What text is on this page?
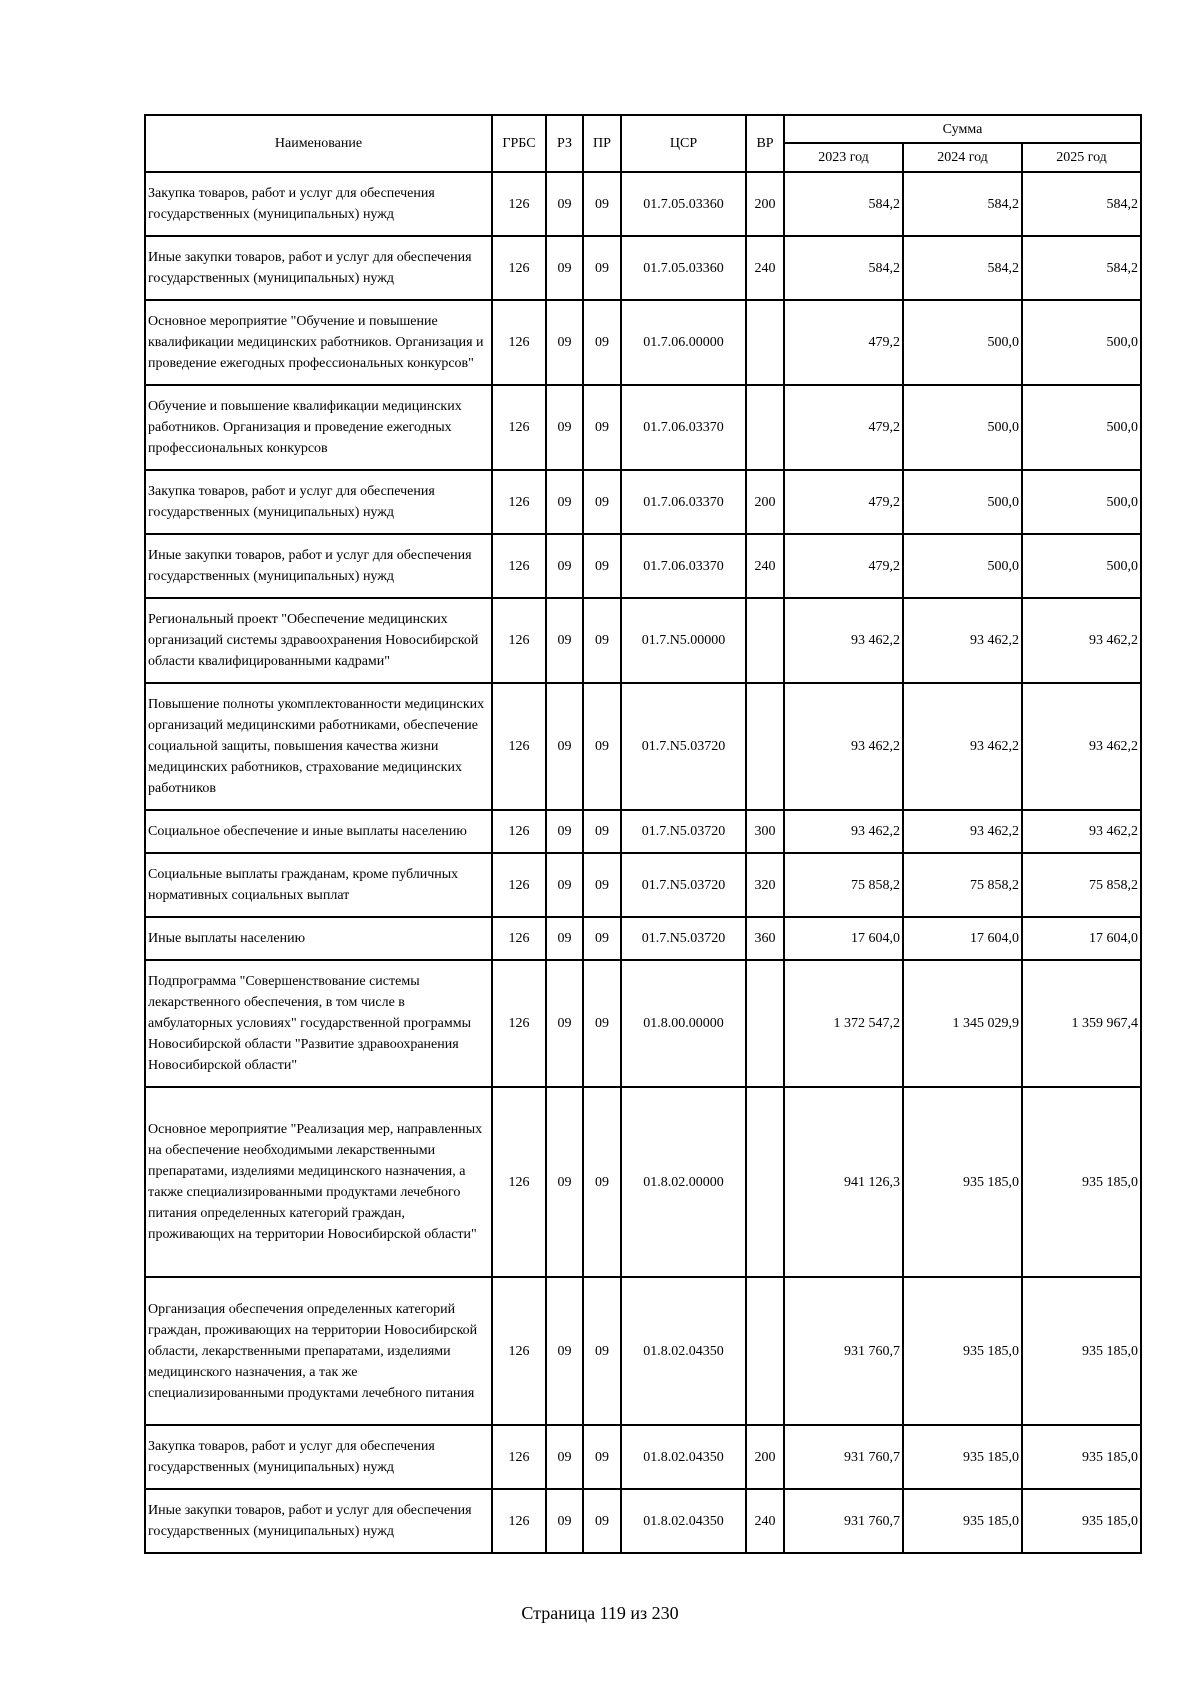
Наименование	ГРБС	РЗ	ПР	ЦСР	ВР	Сумма		
						2023 год	2024 год	2025 год
Закупка товаров, работ и услуг для обеспечения государственных (муниципальных) нужд	126	09	09	01.7.05.03360	200	584,2	584,2	584,2
Иные закупки товаров, работ и услуг для обеспечения государственных (муниципальных) нужд	126	09	09	01.7.05.03360	240	584,2	584,2	584,2
Основное мероприятие "Обучение и повышение квалификации медицинских работников. Организация и проведение ежегодных профессиональных конкурсов"	126	09	09	01.7.06.00000		479,2	500,0	500,0
Обучение и повышение квалификации медицинских работников. Организация и проведение ежегодных профессиональных конкурсов	126	09	09	01.7.06.03370		479,2	500,0	500,0
Закупка товаров, работ и услуг для обеспечения государственных (муниципальных) нужд	126	09	09	01.7.06.03370	200	479,2	500,0	500,0
Иные закупки товаров, работ и услуг для обеспечения государственных (муниципальных) нужд	126	09	09	01.7.06.03370	240	479,2	500,0	500,0
Региональный проект "Обеспечение медицинских организаций системы здравоохранения Новосибирской области квалифицированными кадрами"	126	09	09	01.7.N5.00000		93 462,2	93 462,2	93 462,2
Повышение полноты укомплектованности медицинских организаций медицинскими работниками, обеспечение социальной защиты, повышения качества жизни медицинских работников, страхование медицинских работников	126	09	09	01.7.N5.03720		93 462,2	93 462,2	93 462,2
Социальное обеспечение и иные выплаты населению	126	09	09	01.7.N5.03720	300	93 462,2	93 462,2	93 462,2
Социальные выплаты гражданам, кроме публичных нормативных социальных выплат	126	09	09	01.7.N5.03720	320	75 858,2	75 858,2	75 858,2
Иные выплаты населению	126	09	09	01.7.N5.03720	360	17 604,0	17 604,0	17 604,0
Подпрограмма "Совершенствование системы лекарственного обеспечения, в том числе в амбулаторных условиях" государственной программы Новосибирской области "Развитие здравоохранения Новосибирской области"	126	09	09	01.8.00.00000		1 372 547,2	1 345 029,9	1 359 967,4
Основное мероприятие "Реализация мер, направленных на обеспечение необходимыми лекарственными препаратами, изделиями медицинского назначения, а также специализированными продуктами лечебного питания определенных категорий граждан, проживающих на территории Новосибирской области"	126	09	09	01.8.02.00000		941 126,3	935 185,0	935 185,0
Организация обеспечения определенных категорий граждан, проживающих на территории Новосибирской области, лекарственными препаратами, изделиями медицинского назначения, а так же специализированными продуктами лечебного питания	126	09	09	01.8.02.04350		931 760,7	935 185,0	935 185,0
Закупка товаров, работ и услуг для обеспечения государственных (муниципальных) нужд	126	09	09	01.8.02.04350	200	931 760,7	935 185,0	935 185,0
Иные закупки товаров, работ и услуг для обеспечения государственных (муниципальных) нужд	126	09	09	01.8.02.04350	240	931 760,7	935 185,0	935 185,0
Страница 119 из 230
